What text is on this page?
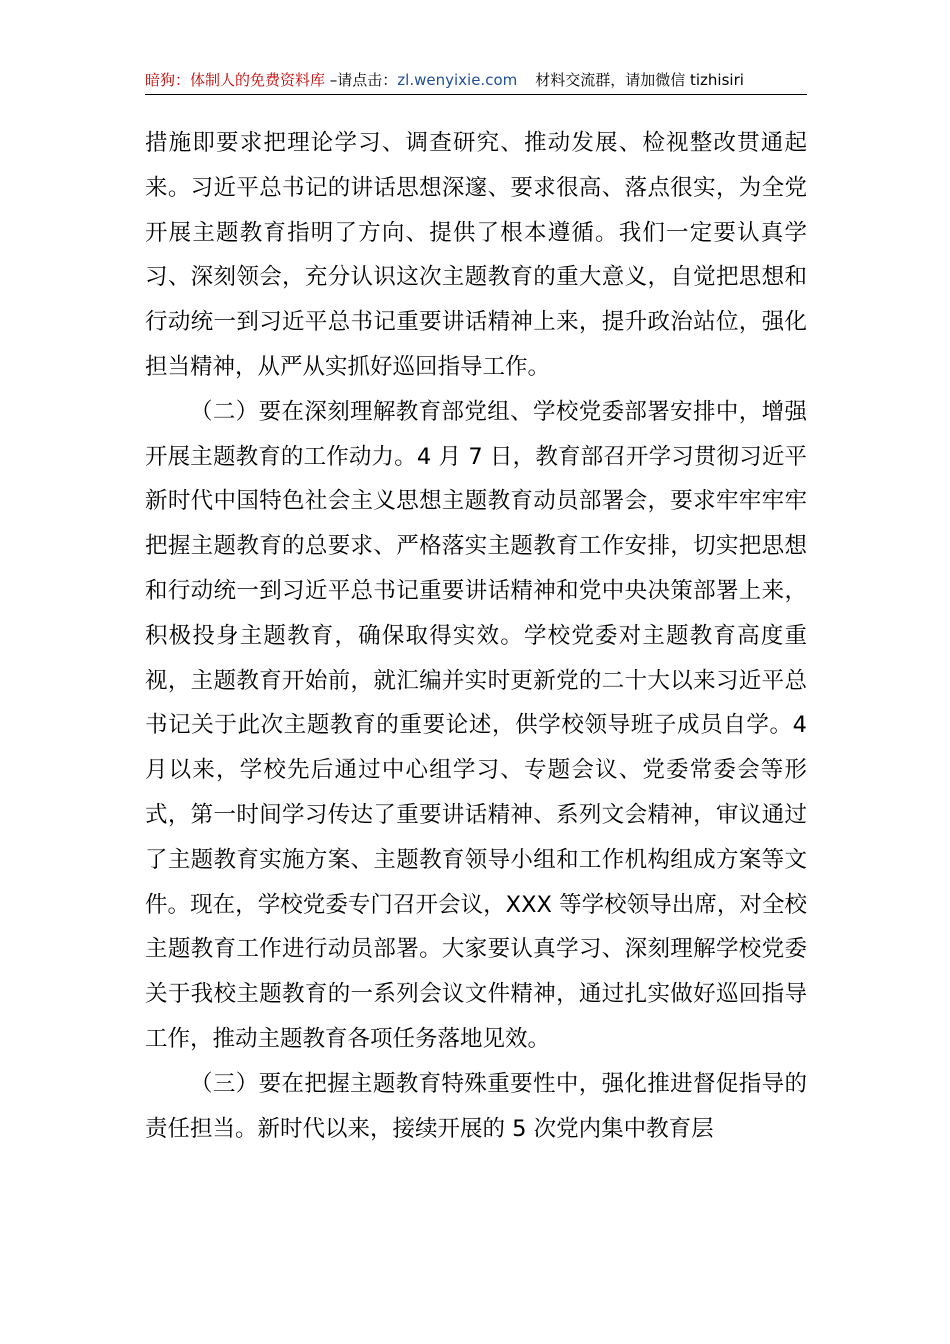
暗狗：体制人的免费资料库 –请点击：zl.wenyixie.com 材料交流群，请加微信 tizhisiri

措施即要求把理论学习、调查研究、推动发展、检视整改贯通起来。习近平总书记的讲话思想深邃、要求很高、落点很实，为全党开展主题教育指明了方向、提供了根本遵循。我们一定要认真学习、深刻领会，充分认识这次主题教育的重大意义，自觉把思想和行动统一到习近平总书记重要讲话精神上来，提升政治站位，强化担当精神，从严从实抓好巡回指导工作。

（二）要在深刻理解教育部党组、学校党委部署安排中，增强开展主题教育的工作动力。4 月 7 日，教育部召开学习贯彻习近平新时代中国特色社会主义思想主题教育动员部署会，要求牢牢牢牢把握主题教育的总要求、严格落实主题教育工作安排，切实把思想和行动统一到习近平总书记重要讲话精神和党中央决策部署上来，积极投身主题教育，确保取得实效。学校党委对主题教育高度重视，主题教育开始前，就汇编并实时更新党的二十大以来习近平总书记关于此次主题教育的重要论述，供学校领导班子成员自学。4 月以来，学校先后通过中心组学习、专题会议、党委常委会等形式，第一时间学习传达了重要讲话精神、系列文会精神，审议通过了主题教育实施方案、主题教育领导小组和工作机构组成方案等文件。现在，学校党委专门召开会议，XXX 等学校领导出席，对全校主题教育工作进行动员部署。大家要认真学习、深刻理解学校党委关于我校主题教育的一系列会议文件精神，通过扎实做好巡回指导工作，推动主题教育各项任务落地见效。

（三）要在把握主题教育特殊重要性中，强化推进督促指导的责任担当。新时代以来，接续开展的 5 次党内集中教育层
